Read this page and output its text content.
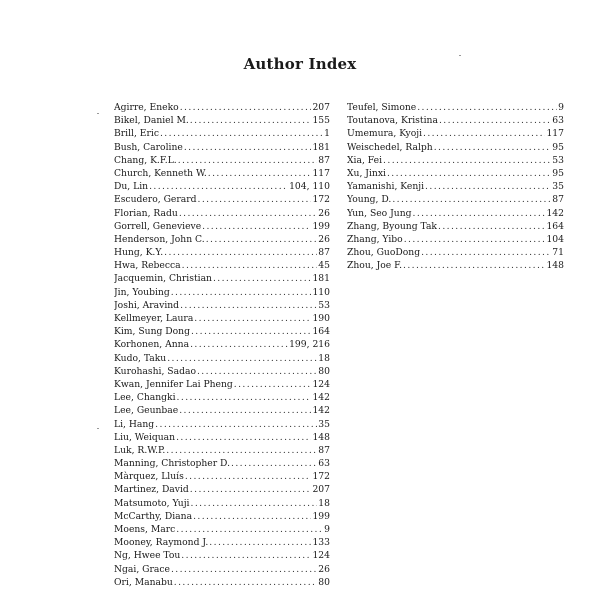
Author Index
Agirre, Eneko .....	207
Bikel, Daniel M. .....	155
Brill, Eric .....	1
Bush, Caroline .....	181
Chang, K.F.L. .....	87
Church, Kenneth W. .....	117
Du, Lin .....	104, 110
Escudero, Gerard .....	172
Florian, Radu .....	26
Gorrell, Genevieve .....	199
Henderson, John C. .....	26
Hung, K.Y. .....	87
Hwa, Rebecca .....	45
Jacquemin, Christian .....	181
Jin, Youbing .....	110
Joshi, Aravind .....	53
Kellmeyer, Laura .....	190
Kim, Sung Dong .....	164
Korhonen, Anna .....	199, 216
Kudo, Taku .....	18
Kurohashi, Sadao .....	80
Kwan, Jennifer Lai Pheng .....	124
Lee, Changki .....	142
Lee, Geunbae .....	142
Li, Hang .....	35
Liu, Weiquan .....	148
Luk, R.W.P. .....	87
Manning, Christopher D. .....	63
Màrquez, Lluís .....	172
Martinez, David .....	207
Matsumoto, Yuji .....	18
McCarthy, Diana .....	199
Moens, Marc .....	9
Mooney, Raymond J. .....	133
Ng, Hwee Tou .....	124
Ngai, Grace .....	26
Ori, Manabu .....	80
Teufel, Simone .....	9
Toutanova, Kristina .....	63
Umemura, Kyoji .....	117
Weischedel, Ralph .....	95
Xia, Fei .....	53
Xu, Jinxi .....	95
Yamanishi, Kenji .....	35
Young, D. .....	87
Yun, Seo Jung .....	142
Zhang, Byoung Tak .....	164
Zhang, Yibo .....	104
Zhou, GuoDong .....	71
Zhou, Joe F. .....	148
